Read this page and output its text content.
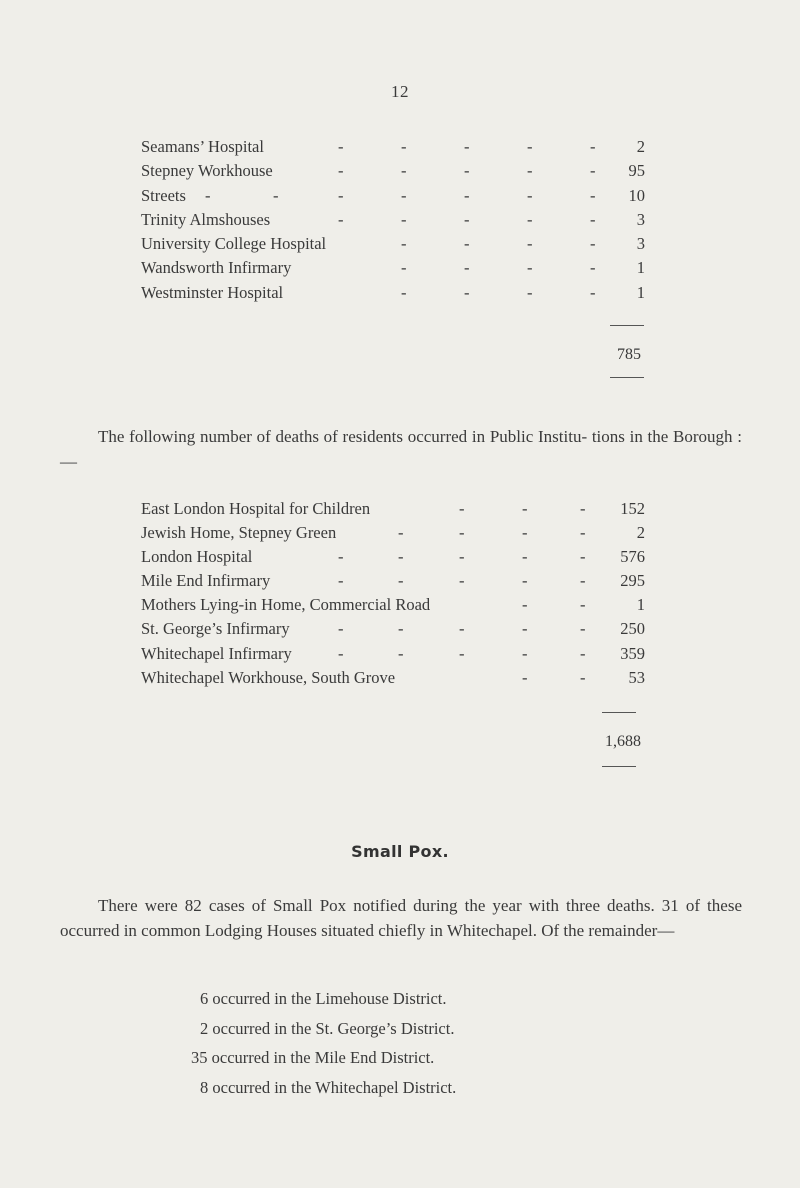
12
Seamans’ Hospital	-	-	-	-	-	2
Stepney Workhouse	-	-	-	-	- 95
Streets -	-	-	-	-	-	- 10
Trinity Almshouses	-	-	-	-	-	3
University College Hospital	-	-	-	-	3
Wandsworth Infirmary	-	-	-	-	1
Westminster Hospital	-	-	-	-	1
785
The following number of deaths of residents occurred in Public Institu- tions in the Borough :—
East London Hospital for Children	-	-	- 152
Jewish Home, Stepney Green	-	-	-	-	2
London Hospital	-	-	-	-	- 576
Mile End Infirmary	-	-	-	-	- 295
Mothers Lying-in Home, Commercial Road	-	-	1
St. George’s Infirmary	-	-	-	-	- 250
Whitechapel Infirmary	-	-	-	-	- 359
Whitechapel Workhouse, South Grove	-	-	53
1,688
Small Pox.
There were 82 cases of Small Pox notified during the year with three deaths. 31 of these occurred in common Lodging Houses situated chiefly in Whitechapel. Of the remainder—
6 occurred in the Limehouse District.
2 occurred in the St. George’s District.
35 occurred in the Mile End District.
8 occurred in the Whitechapel District.
